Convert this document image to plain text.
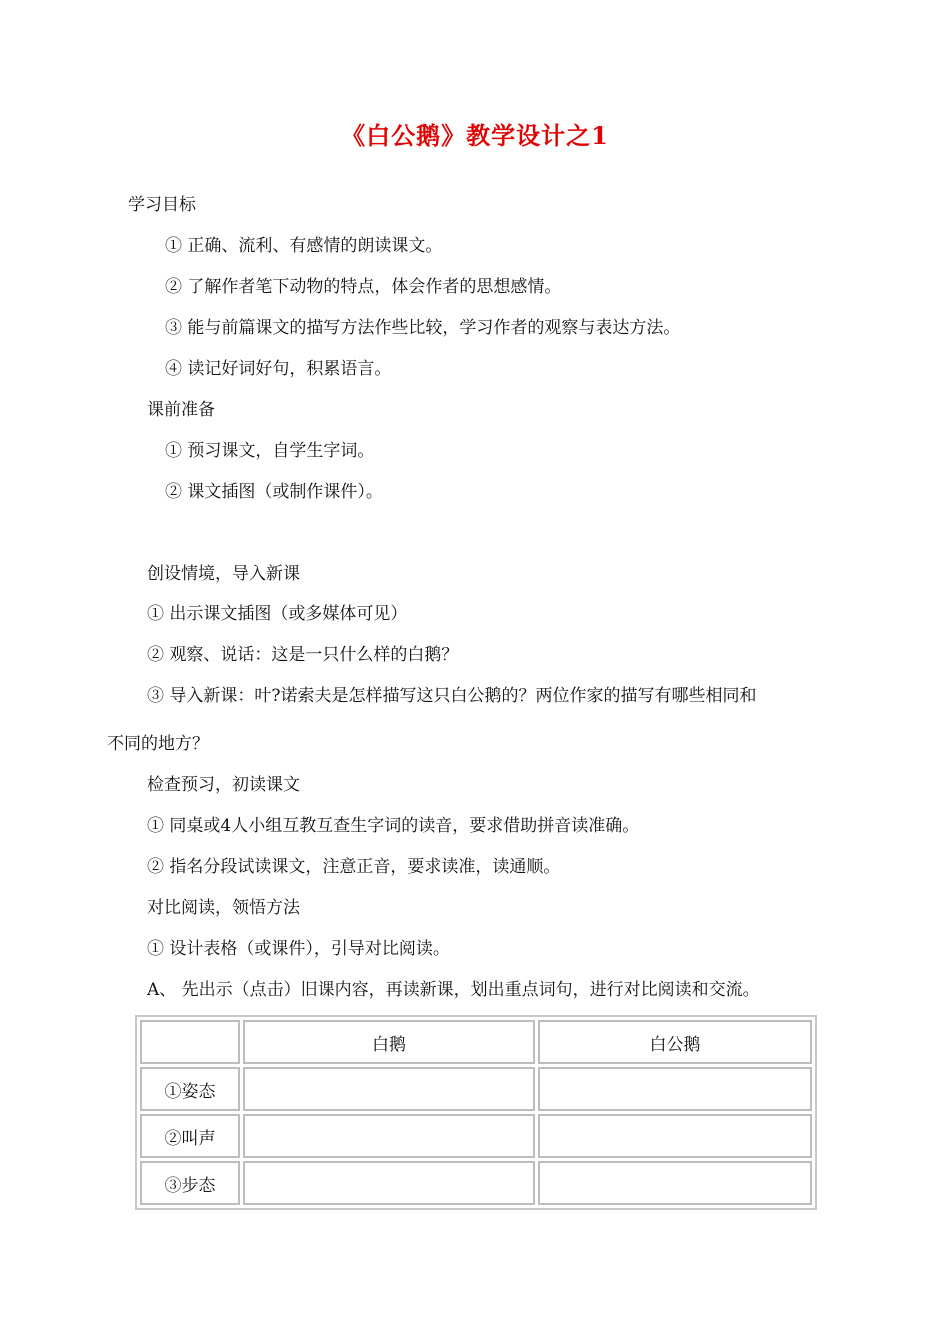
《白公鹅》教学设计之1
学习目标
① 正确、流利、有感情的朗读课文。
② 了解作者笔下动物的特点，体会作者的思想感情。
③ 能与前篇课文的描写方法作些比较，学习作者的观察与表达方法。
④ 读记好词好句，积累语言。
课前准备
① 预习课文，自学生字词。
② 课文插图（或制作课件）。
创设情境，导入新课
① 出示课文插图（或多媒体可见）
② 观察、说话：这是一只什么样的白鹅？
③ 导入新课：叶?诺索夫是怎样描写这只白公鹅的？两位作家的描写有哪些相同和
不同的地方？
检查预习，初读课文
① 同桌或4人小组互教互查生字词的读音，要求借助拼音读准确。
② 指名分段试读课文，注意正音，要求读准，读通顺。
对比阅读，领悟方法
① 设计表格（或课件），引导对比阅读。
A、 先出示（点击）旧课内容，再读新课，划出重点词句，进行对比阅读和交流。
	白鹅	白公鹅
①姿态		
②叫声		
③步态		
